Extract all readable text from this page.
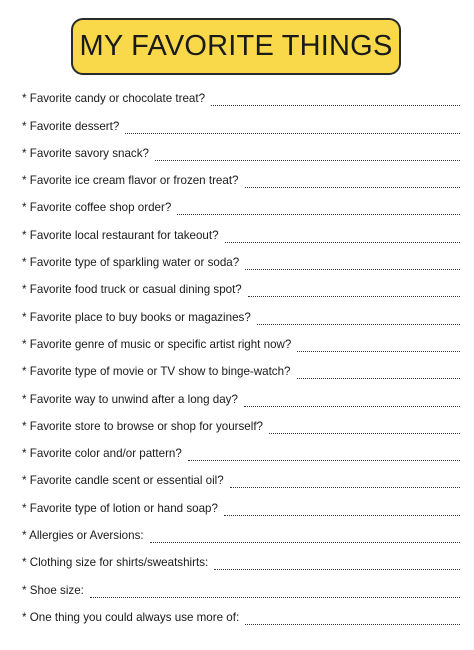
MY FAVORITE THINGS
* Favorite candy or chocolate treat?
* Favorite dessert?
* Favorite savory snack?
* Favorite ice cream flavor or frozen treat?
* Favorite coffee shop order?
* Favorite local restaurant for takeout?
* Favorite type of sparkling water or soda?
* Favorite food truck or casual dining spot?
* Favorite place to buy books or magazines?
* Favorite genre of music or specific artist right now?
* Favorite type of movie or TV show to binge-watch?
* Favorite way to unwind after a long day?
* Favorite store to browse or shop for yourself?
* Favorite color and/or pattern?
* Favorite candle scent or essential oil?
* Favorite type of lotion or hand soap?
* Allergies or Aversions:
* Clothing size for shirts/sweatshirts:
* Shoe size:
* One thing you could always use more of:
